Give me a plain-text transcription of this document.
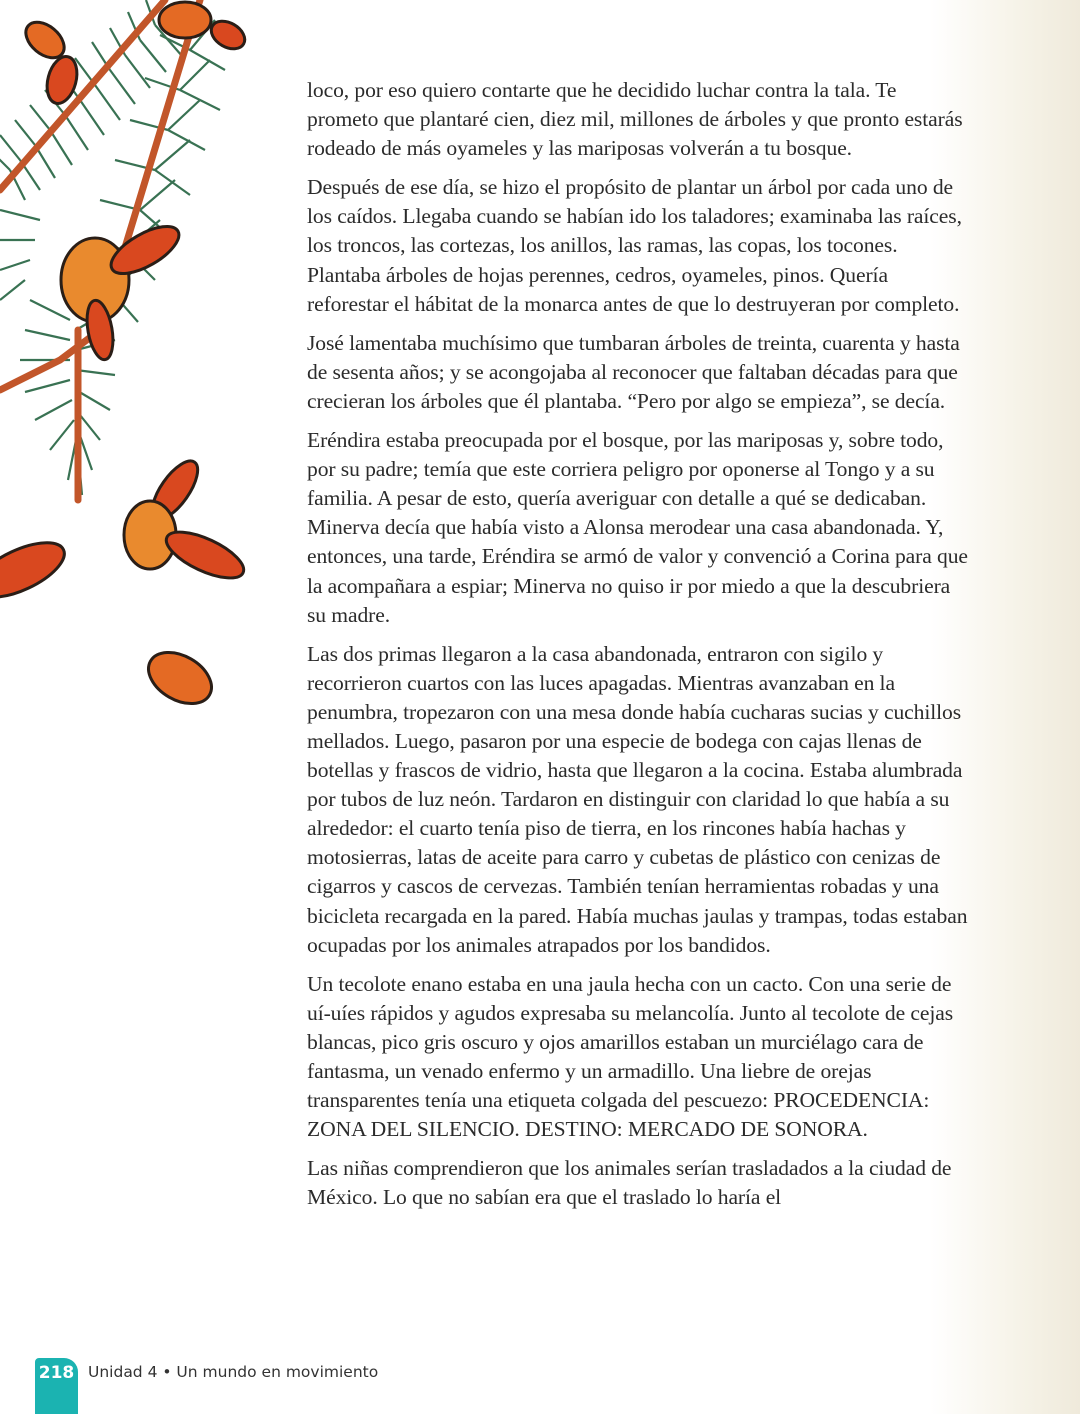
loco, por eso quiero contarte que he decidido luchar contra la tala. Te prometo que plantaré cien, diez mil, millones de árboles y que pronto estarás rodeado de más oyameles y las mariposas volverán a tu bosque.

Después de ese día, se hizo el propósito de plantar un árbol por cada uno de los caídos. Llegaba cuando se habían ido los taladores; examinaba las raíces, los troncos, las cortezas, los anillos, las ramas, las copas, los tocones. Plantaba árboles de hojas perennes, cedros, oyameles, pinos. Quería reforestar el hábitat de la monarca antes de que lo destruyeran por completo.

José lamentaba muchísimo que tumbaran árboles de treinta, cuarenta y hasta de sesenta años; y se acongojaba al reconocer que faltaban décadas para que crecieran los árboles que él plantaba. “Pero por algo se empieza”, se decía.

Eréndira estaba preocupada por el bosque, por las mariposas y, sobre todo, por su padre; temía que este corriera peligro por oponerse al Tongo y a su familia. A pesar de esto, quería averiguar con detalle a qué se dedicaban. Minerva decía que había visto a Alonsa merodear una casa abandonada. Y, entonces, una tarde, Eréndira se armó de valor y convenció a Corina para que la acompañara a espiar; Minerva no quiso ir por miedo a que la descubriera su madre.

Las dos primas llegaron a la casa abandonada, entraron con sigilo y recorrieron cuartos con las luces apagadas. Mientras avanzaban en la penumbra, tropezaron con una mesa donde había cucharas sucias y cuchillos mellados. Luego, pasaron por una especie de bodega con cajas llenas de botellas y frascos de vidrio, hasta que llegaron a la cocina. Estaba alumbrada por tubos de luz neón. Tardaron en distinguir con claridad lo que había a su alrededor: el cuarto tenía piso de tierra, en los rincones había hachas y motosierras, latas de aceite para carro y cubetas de plástico con cenizas de cigarros y cascos de cervezas. También tenían herramientas robadas y una bicicleta recargada en la pared. Había muchas jaulas y trampas, todas estaban ocupadas por los animales atrapados por los bandidos.

Un tecolote enano estaba en una jaula hecha con un cacto. Con una serie de uí-uíes rápidos y agudos expresaba su melancolía. Junto al tecolote de cejas blancas, pico gris oscuro y ojos amarillos estaban un murciélago cara de fantasma, un venado enfermo y un armadillo. Una liebre de orejas transparentes tenía una etiqueta colgada del pescuezo: PROCEDENCIA: ZONA DEL SILENCIO. DESTINO: MERCADO DE SONORA.

Las niñas comprendieron que los animales serían trasladados a la ciudad de México. Lo que no sabían era que el traslado lo haría el

218 Unidad 4 • Un mundo en movimiento
